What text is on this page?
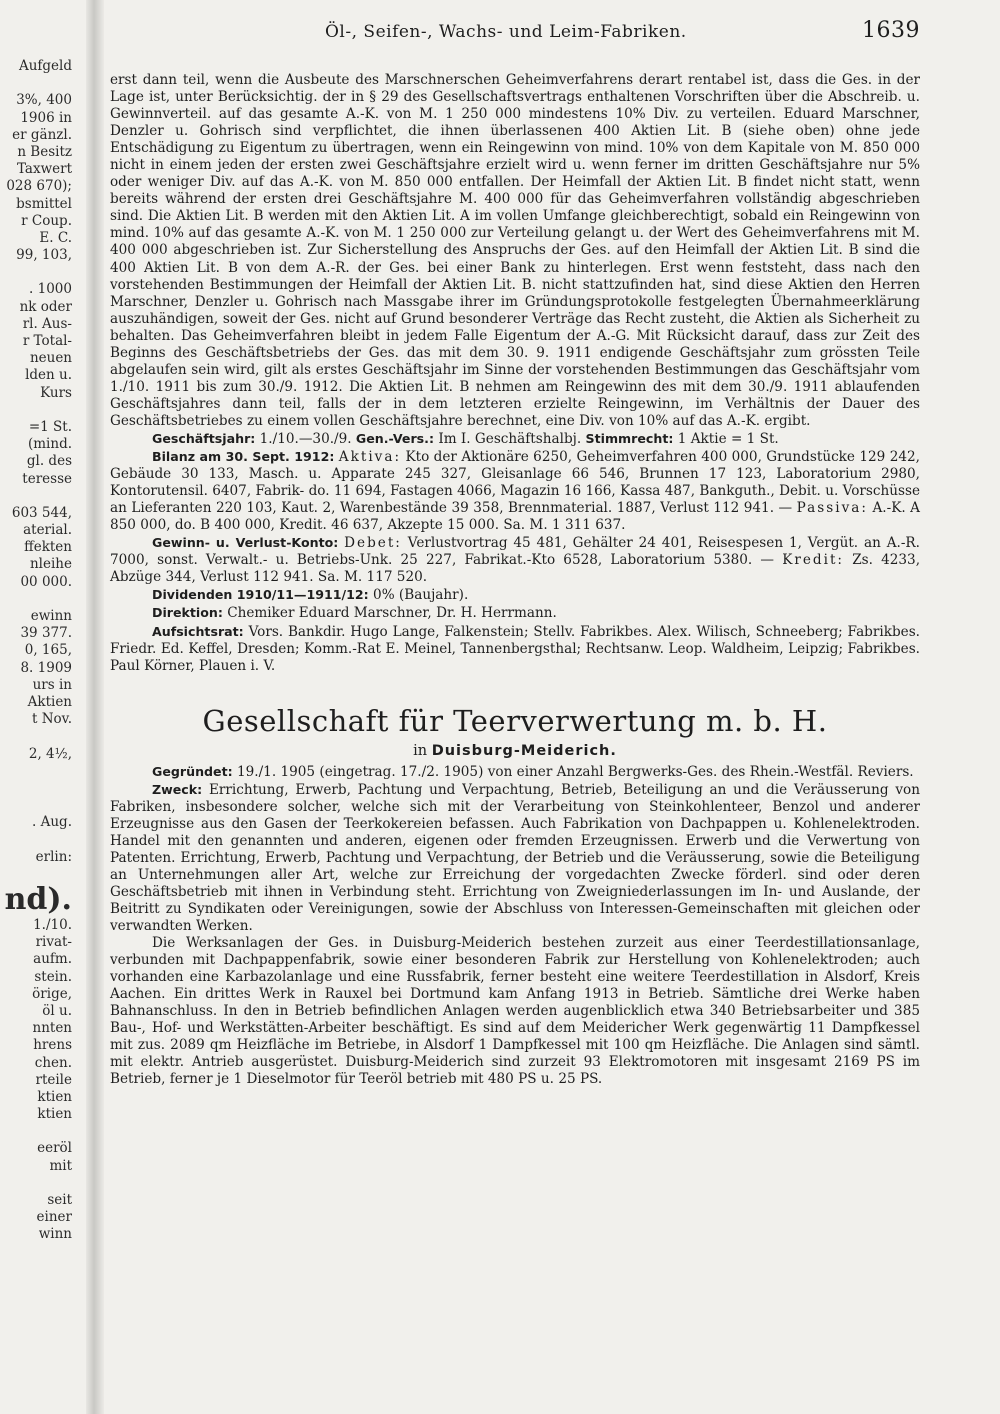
Aufgeld

3%, 400
1906 in
er gänzl.
n Besitz
Taxwert
028 670);
bsmittel
r Coup.
E. C.
99, 103,

. 1000
nk oder
rl. Aus-
r Total-
neuen
lden u.
Kurs

=1 St.
(mind.
gl. des
teresse

603 544,
aterial.
ffekten
nleihe
00 000.

ewinn
39 377.
0, 165,
8. 1909
urs in
Aktien
t Nov.

2, 4½,

. Aug.

erlin:

nd).
1./10.
rivat-
aufm.
stein.
örige,
öl u.
nnten
hrens
chen.
rteile
ktien
ktien

eeröl
mit

seit
einer
winn
Öl-, Seifen-, Wachs- und Leim-Fabriken.	1639

erst dann teil, wenn die Ausbeute des Marschnerschen Geheimverfahrens derart rentabel ist, dass die Ges. in der Lage ist, unter Berücksichtig. der in § 29 des Gesellschaftsvertrags enthaltenen Vorschriften über die Abschreib. u. Gewinnverteil. auf das gesamte A.-K. von M. 1 250 000 mindestens 10% Div. zu verteilen. Eduard Marschner, Denzler u. Gohrisch sind verpflichtet, die ihnen überlassenen 400 Aktien Lit. B (siehe oben) ohne jede Entschädigung zu Eigentum zu übertragen, wenn ein Reingewinn von mind. 10% von dem Kapitale von M. 850 000 nicht in einem jeden der ersten zwei Geschäftsjahre erzielt wird u. wenn ferner im dritten Geschäftsjahre nur 5% oder weniger Div. auf das A.-K. von M. 850 000 entfallen. Der Heimfall der Aktien Lit. B findet nicht statt, wenn bereits während der ersten drei Geschäftsjahre M. 400 000 für das Geheimverfahren vollständig abgeschrieben sind. Die Aktien Lit. B werden mit den Aktien Lit. A im vollen Umfange gleichberechtigt, sobald ein Reingewinn von mind. 10% auf das gesamte A.-K. von M. 1 250 000 zur Verteilung gelangt u. der Wert des Geheimverfahrens mit M. 400 000 abgeschrieben ist. Zur Sicherstellung des Anspruchs der Ges. auf den Heimfall der Aktien Lit. B sind die 400 Aktien Lit. B von dem A.-R. der Ges. bei einer Bank zu hinterlegen. Erst wenn feststeht, dass nach den vorstehenden Bestimmungen der Heimfall der Aktien Lit. B. nicht stattzufinden hat, sind diese Aktien den Herren Marschner, Denzler u. Gohrisch nach Massgabe ihrer im Gründungsprotokolle festgelegten Übernahmeerklärung auszuhändigen, soweit der Ges. nicht auf Grund besonderer Verträge das Recht zusteht, die Aktien als Sicherheit zu behalten. Das Geheimverfahren bleibt in jedem Falle Eigentum der A.-G. Mit Rücksicht darauf, dass zur Zeit des Beginns des Geschäftsbetriebs der Ges. das mit dem 30. 9. 1911 endigende Geschäftsjahr zum grössten Teile abgelaufen sein wird, gilt als erstes Geschäftsjahr im Sinne der vorstehenden Bestimmungen das Geschäftsjahr vom 1./10. 1911 bis zum 30./9. 1912. Die Aktien Lit. B nehmen am Reingewinn des mit dem 30./9. 1911 ablaufenden Geschäftsjahres dann teil, falls der in dem letzteren erzielte Reingewinn, im Verhältnis der Dauer des Geschäftsbetriebes zu einem vollen Geschäftsjahre berechnet, eine Div. von 10% auf das A.-K. ergibt.

Geschäftsjahr: 1./10.—30./9. Gen.-Vers.: Im I. Geschäftshalbj. Stimmrecht: 1 Aktie = 1 St.

Bilanz am 30. Sept. 1912: Aktiva: Kto der Aktionäre 6250, Geheimverfahren 400 000, Grundstücke 129 242, Gebäude 30 133, Masch. u. Apparate 245 327, Gleisanlage 66 546, Brunnen 17 123, Laboratorium 2980, Kontorutensil. 6407, Fabrik- do. 11 694, Fastagen 4066, Magazin 16 166, Kassa 487, Bankguth., Debit. u. Vorschüsse an Lieferanten 220 103, Kaut. 2, Warenbestände 39 358, Brennmaterial. 1887, Verlust 112 941. — Passiva: A.-K. A 850 000, do. B 400 000, Kredit. 46 637, Akzepte 15 000. Sa. M. 1 311 637.

Gewinn- u. Verlust-Konto: Debet: Verlustvortrag 45 481, Gehälter 24 401, Reisespesen 1, Vergüt. an A.-R. 7000, sonst. Verwalt.- u. Betriebs-Unk. 25 227, Fabrikat.-Kto 6528, Laboratorium 5380. — Kredit: Zs. 4233, Abzüge 344, Verlust 112 941. Sa. M. 117 520.

Dividenden 1910/11—1911/12: 0% (Baujahr).

Direktion: Chemiker Eduard Marschner, Dr. H. Herrmann.

Aufsichtsrat: Vors. Bankdir. Hugo Lange, Falkenstein; Stellv. Fabrikbes. Alex. Wilisch, Schneeberg; Fabrikbes. Friedr. Ed. Keffel, Dresden; Komm.-Rat E. Meinel, Tannenbergsthal; Rechtsanw. Leop. Waldheim, Leipzig; Fabrikbes. Paul Körner, Plauen i. V.

Gesellschaft für Teerverwertung m. b. H.
in Duisburg-Meiderich.

Gegründet: 19./1. 1905 (eingetrag. 17./2. 1905) von einer Anzahl Bergwerks-Ges. des Rhein.-Westfäl. Reviers.

Zweck: Errichtung, Erwerb, Pachtung und Verpachtung, Betrieb, Beteiligung an und die Veräusserung von Fabriken, insbesondere solcher, welche sich mit der Verarbeitung von Steinkohlenteer, Benzol und anderer Erzeugnisse aus den Gasen der Teerkokereien befassen. Auch Fabrikation von Dachpappen u. Kohlenelektroden. Handel mit den genannten und anderen, eigenen oder fremden Erzeugnissen. Erwerb und die Verwertung von Patenten. Errichtung, Erwerb, Pachtung und Verpachtung, der Betrieb und die Veräusserung, sowie die Beteiligung an Unternehmungen aller Art, welche zur Erreichung der vorgedachten Zwecke förderl. sind oder deren Geschäftsbetrieb mit ihnen in Verbindung steht. Errichtung von Zweigniederlassungen im In- und Auslande, der Beitritt zu Syndikaten oder Vereinigungen, sowie der Abschluss von Interessen-Gemeinschaften mit gleichen oder verwandten Werken.

Die Werksanlagen der Ges. in Duisburg-Meiderich bestehen zurzeit aus einer Teerdestillationsanlage, verbunden mit Dachpappenfabrik, sowie einer besonderen Fabrik zur Herstellung von Kohlenelektroden; auch vorhanden eine Karbazolanlage und eine Russfabrik, ferner besteht eine weitere Teerdestillation in Alsdorf, Kreis Aachen. Ein drittes Werk in Rauxel bei Dortmund kam Anfang 1913 in Betrieb. Sämtliche drei Werke haben Bahnanschluss. In den in Betrieb befindlichen Anlagen werden augenblicklich etwa 340 Betriebsarbeiter und 385 Bau-, Hof- und Werkstätten-Arbeiter beschäftigt. Es sind auf dem Meidericher Werk gegenwärtig 11 Dampfkessel mit zus. 2089 qm Heizfläche im Betriebe, in Alsdorf 1 Dampfkessel mit 100 qm Heizfläche. Die Anlagen sind sämtl. mit elektr. Antrieb ausgerüstet. Duisburg-Meiderich sind zurzeit 93 Elektromotoren mit insgesamt 2169 PS im Betrieb, ferner je 1 Dieselmotor für Teeröl betrieb mit 480 PS u. 25 PS.
